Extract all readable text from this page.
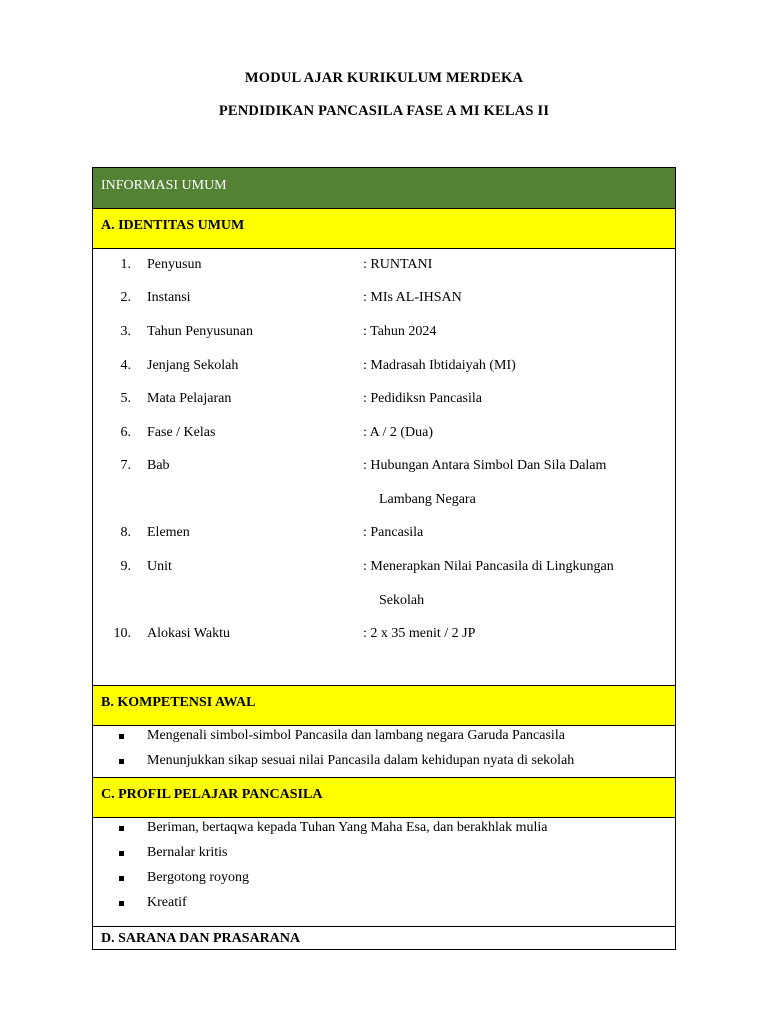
MODUL AJAR KURIKULUM MERDEKA
PENDIDIKAN PANCASILA FASE A MI KELAS II
INFORMASI UMUM
A. IDENTITAS UMUM
1. Penyusun	: RUNTANI
2. Instansi	: MIs AL-IHSAN
3. Tahun Penyusunan	: Tahun 2024
4. Jenjang Sekolah	: Madrasah Ibtidaiyah (MI)
5. Mata Pelajaran	: Pedidiksn Pancasila
6. Fase / Kelas	: A / 2 (Dua)
7. Bab	: Hubungan Antara Simbol Dan Sila Dalam
Lambang Negara
8. Elemen	: Pancasila
9. Unit	: Menerapkan Nilai Pancasila di Lingkungan
Sekolah
10. Alokasi Waktu	: 2 x 35 menit / 2 JP
B. KOMPETENSI AWAL
Mengenali simbol-simbol Pancasila dan lambang negara Garuda Pancasila
Menunjukkan sikap sesuai nilai Pancasila dalam kehidupan nyata di sekolah
C. PROFIL PELAJAR PANCASILA
Beriman, bertaqwa kepada Tuhan Yang Maha Esa, dan berakhlak mulia
Bernalar kritis
Bergotong royong
Kreatif
D. SARANA DAN PRASARANA
